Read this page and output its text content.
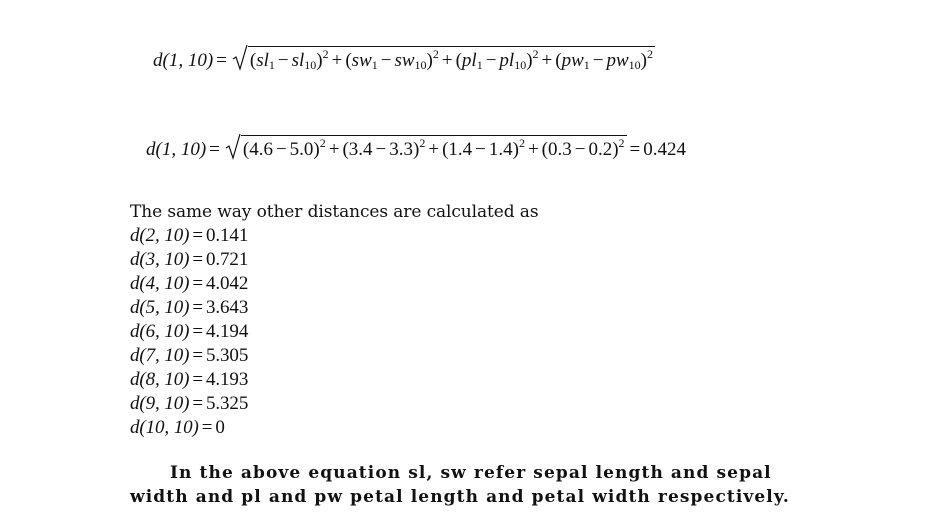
d(1, $10) = (sl_1 - sl_{10})^2 + (sw_1 - sw_{10})^2 + (pl_1 - pl_{10})^2 + (pw_1 - pw_{10})^2$
d(1, $10) = (4.6 - 5.0)^2 + (3.4 - 3.3)^2 + (1.4 - 1.4)^2 + (0.3 - 0.2)^2 = 0.424$
The same way other distances are calculated as
d(2, 10) = 0.141
d(3, 10) = 0.721
d(4, 10) = 4.042
d(5, 10) = 3.643
d(6, 10) = 4.194
d(7, 10) = 5.305
d(8, 10) = 4.193
d(9, 10) = 5.325
d(10, 10) = 0

In the above equation sl, sw refer sepal length and sepal width and pl and pw petal length and petal width respectively.
